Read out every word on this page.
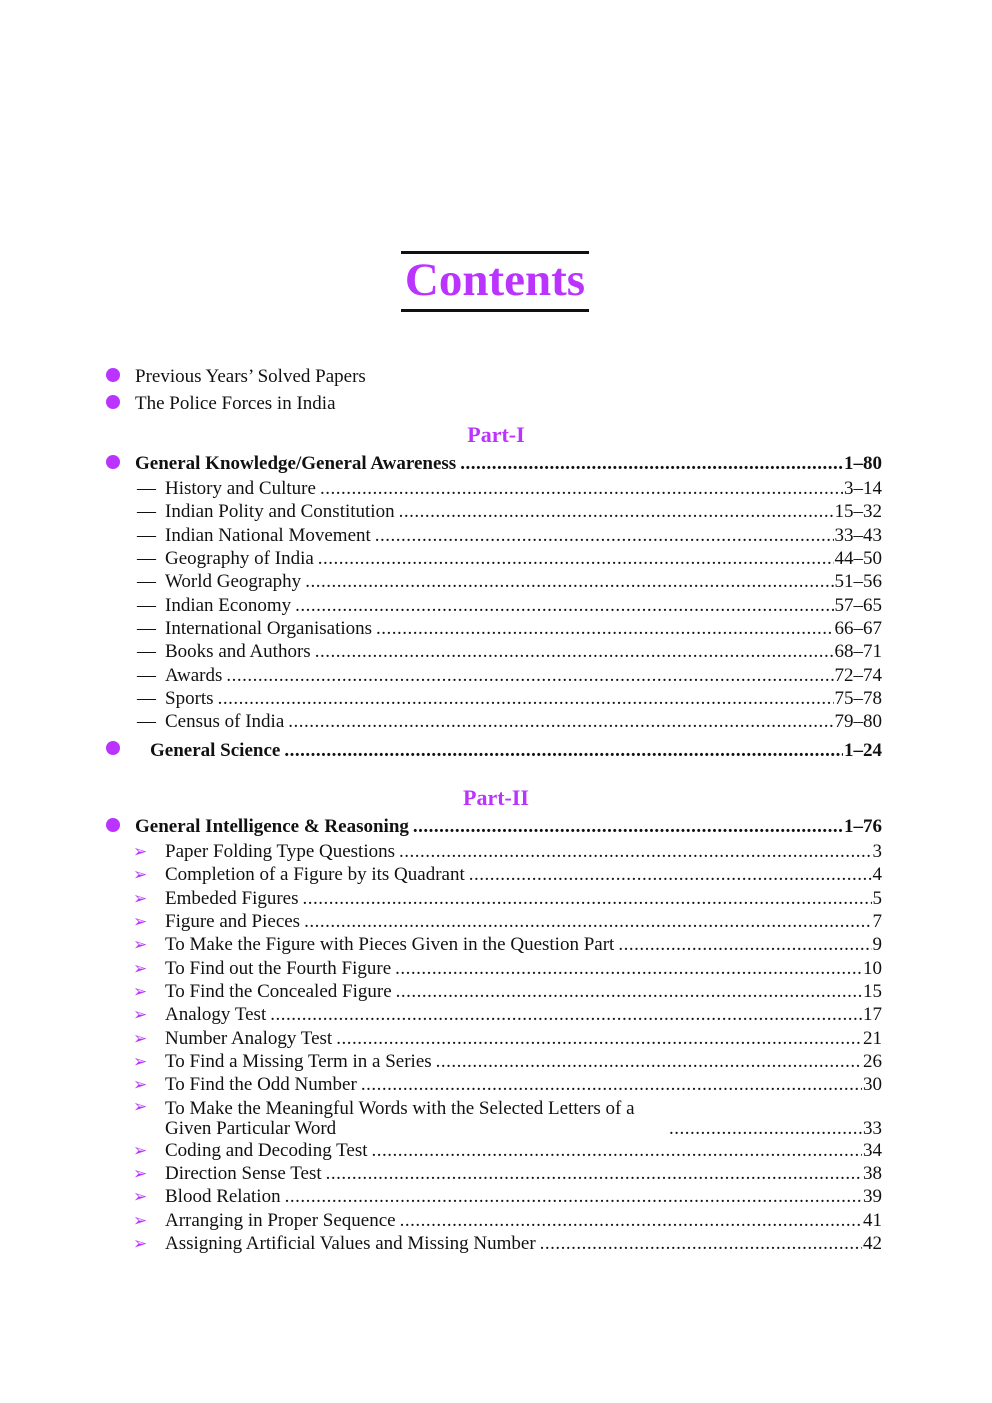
Contents
Previous Years’ Solved Papers
The Police Forces in India
Part-I
General Knowledge/General Awareness .....	1–80
— History and Culture .....	3–14
— Indian Polity and Constitution .....	15–32
— Indian National Movement .....	33–43
— Geography of India .....	44–50
— World Geography .....	51–56
— Indian Economy .....	57–65
— International Organisations .....	66–67
— Books and Authors .....	68–71
— Awards .....	72–74
— Sports .....	75–78
— Census of India .....	79–80
General Science .....	1–24
Part-II
General Intelligence & Reasoning .....	1–76
➢ Paper Folding Type Questions .....	3
➢ Completion of a Figure by its Quadrant .....	4
➢ Embeded Figures .....	5
➢ Figure and Pieces .....	7
➢ To Make the Figure with Pieces Given in the Question Part .....	9
➢ To Find out the Fourth Figure .....	10
➢ To Find the Concealed Figure .....	15
➢ Analogy Test .....	17
➢ Number Analogy Test .....	21
➢ To Find a Missing Term in a Series .....	26
➢ To Find the Odd Number .....	30
➢ To Make the Meaningful Words with the Selected Letters of a Given Particular Word .....	33
➢ Coding and Decoding Test .....	34
➢ Direction Sense Test .....	38
➢ Blood Relation .....	39
➢ Arranging in Proper Sequence .....	41
➢ Assigning Artificial Values and Missing Number .....	42
